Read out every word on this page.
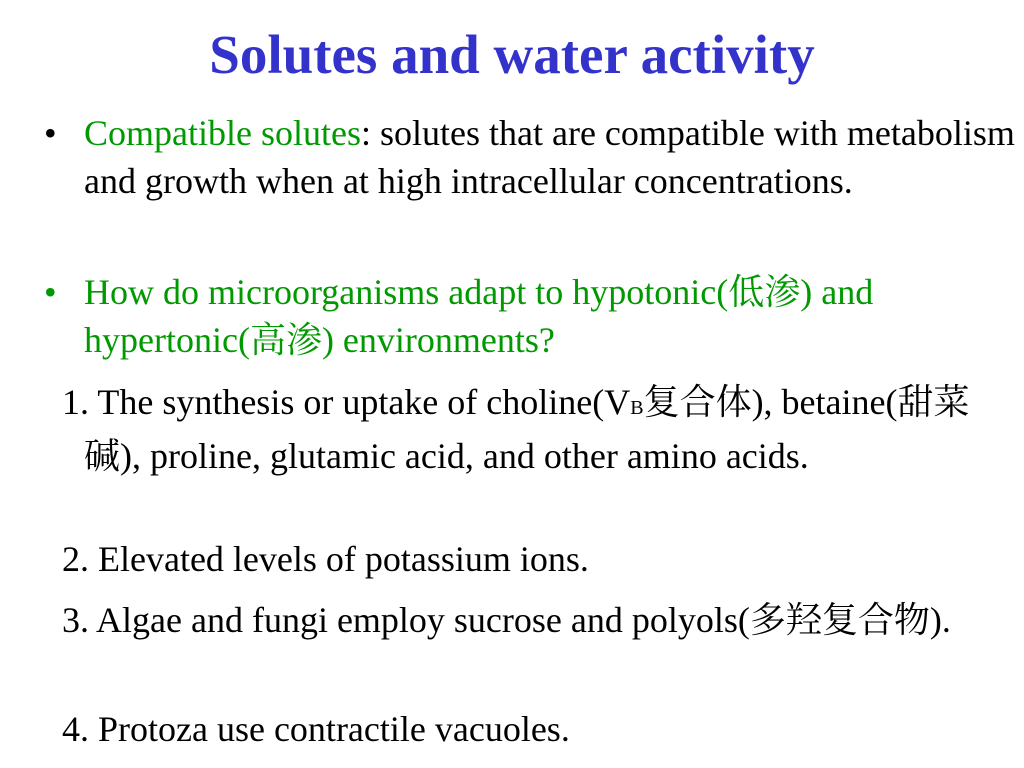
Solutes and water activity
• Compatible solutes: solutes that are compatible with metabolism and growth when at high intracellular concentrations.
• How do microorganisms adapt to hypotonic(低渗) and hypertonic(高渗) environments?
1. The synthesis or uptake of choline(VB复合体), betaine(甜菜碱), proline, glutamic acid, and other amino acids.
2. Elevated levels of potassium ions.
3. Algae and fungi employ sucrose and polyols(多羟复合物).
4. Protoza use contractile vacuoles.
